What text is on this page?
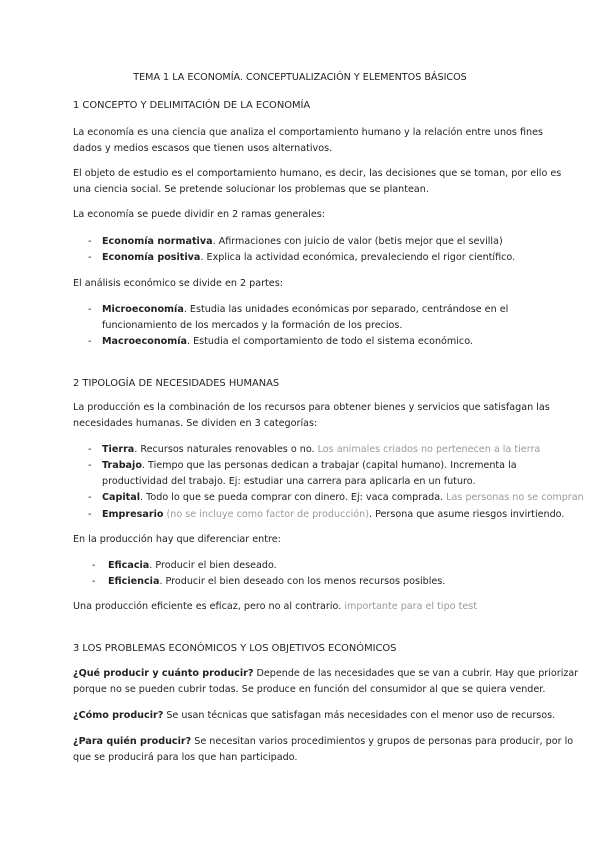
TEMA 1 LA ECONOMÍA. CONCEPTUALIZACIÓN Y ELEMENTOS BÁSICOS
1 CONCEPTO Y DELIMITACIÓN DE LA ECONOMÍA
La economía es una ciencia que analiza el comportamiento humano y la relación entre unos fines
dados y medios escasos que tienen usos alternativos.
El objeto de estudio es el comportamiento humano, es decir, las decisiones que se toman, por ello es
una ciencia social. Se pretende solucionar los problemas que se plantean.
La economía se puede dividir en 2 ramas generales:
- Economía normativa. Afirmaciones con juicio de valor (betis mejor que el sevilla)
- Economía positiva. Explica la actividad económica, prevaleciendo el rigor científico.
El análisis económico se divide en 2 partes:
- Microeconomía. Estudia las unidades económicas por separado, centrándose en el
funcionamiento de los mercados y la formación de los precios.
- Macroeconomía. Estudia el comportamiento de todo el sistema económico.
2 TIPOLOGÍA DE NECESIDADES HUMANAS
La producción es la combinación de los recursos para obtener bienes y servicios que satisfagan las
necesidades humanas. Se dividen en 3 categorías:
- Tierra. Recursos naturales renovables o no. Los animales criados no pertenecen a la tierra
- Trabajo. Tiempo que las personas dedican a trabajar (capital humano). Incrementa la
productividad del trabajo. Ej: estudiar una carrera para aplicarla en un futuro.
- Capital. Todo lo que se pueda comprar con dinero. Ej: vaca comprada. Las personas no se compran
- Empresario (no se incluye como factor de producción). Persona que asume riesgos invirtiendo.
En la producción hay que diferenciar entre:
- Eficacia. Producir el bien deseado.
- Eficiencia. Producir el bien deseado con los menos recursos posibles.
Una producción eficiente es eficaz, pero no al contrario. importante para el tipo test
3 LOS PROBLEMAS ECONÓMICOS Y LOS OBJETIVOS ECONÓMICOS
¿Qué producir y cuánto producir? Depende de las necesidades que se van a cubrir. Hay que priorizar
porque no se pueden cubrir todas. Se produce en función del consumidor al que se quiera vender.
¿Cómo producir? Se usan técnicas que satisfagan más necesidades con el menor uso de recursos.
¿Para quién producir? Se necesitan varios procedimientos y grupos de personas para producir, por lo
que se producirá para los que han participado.
